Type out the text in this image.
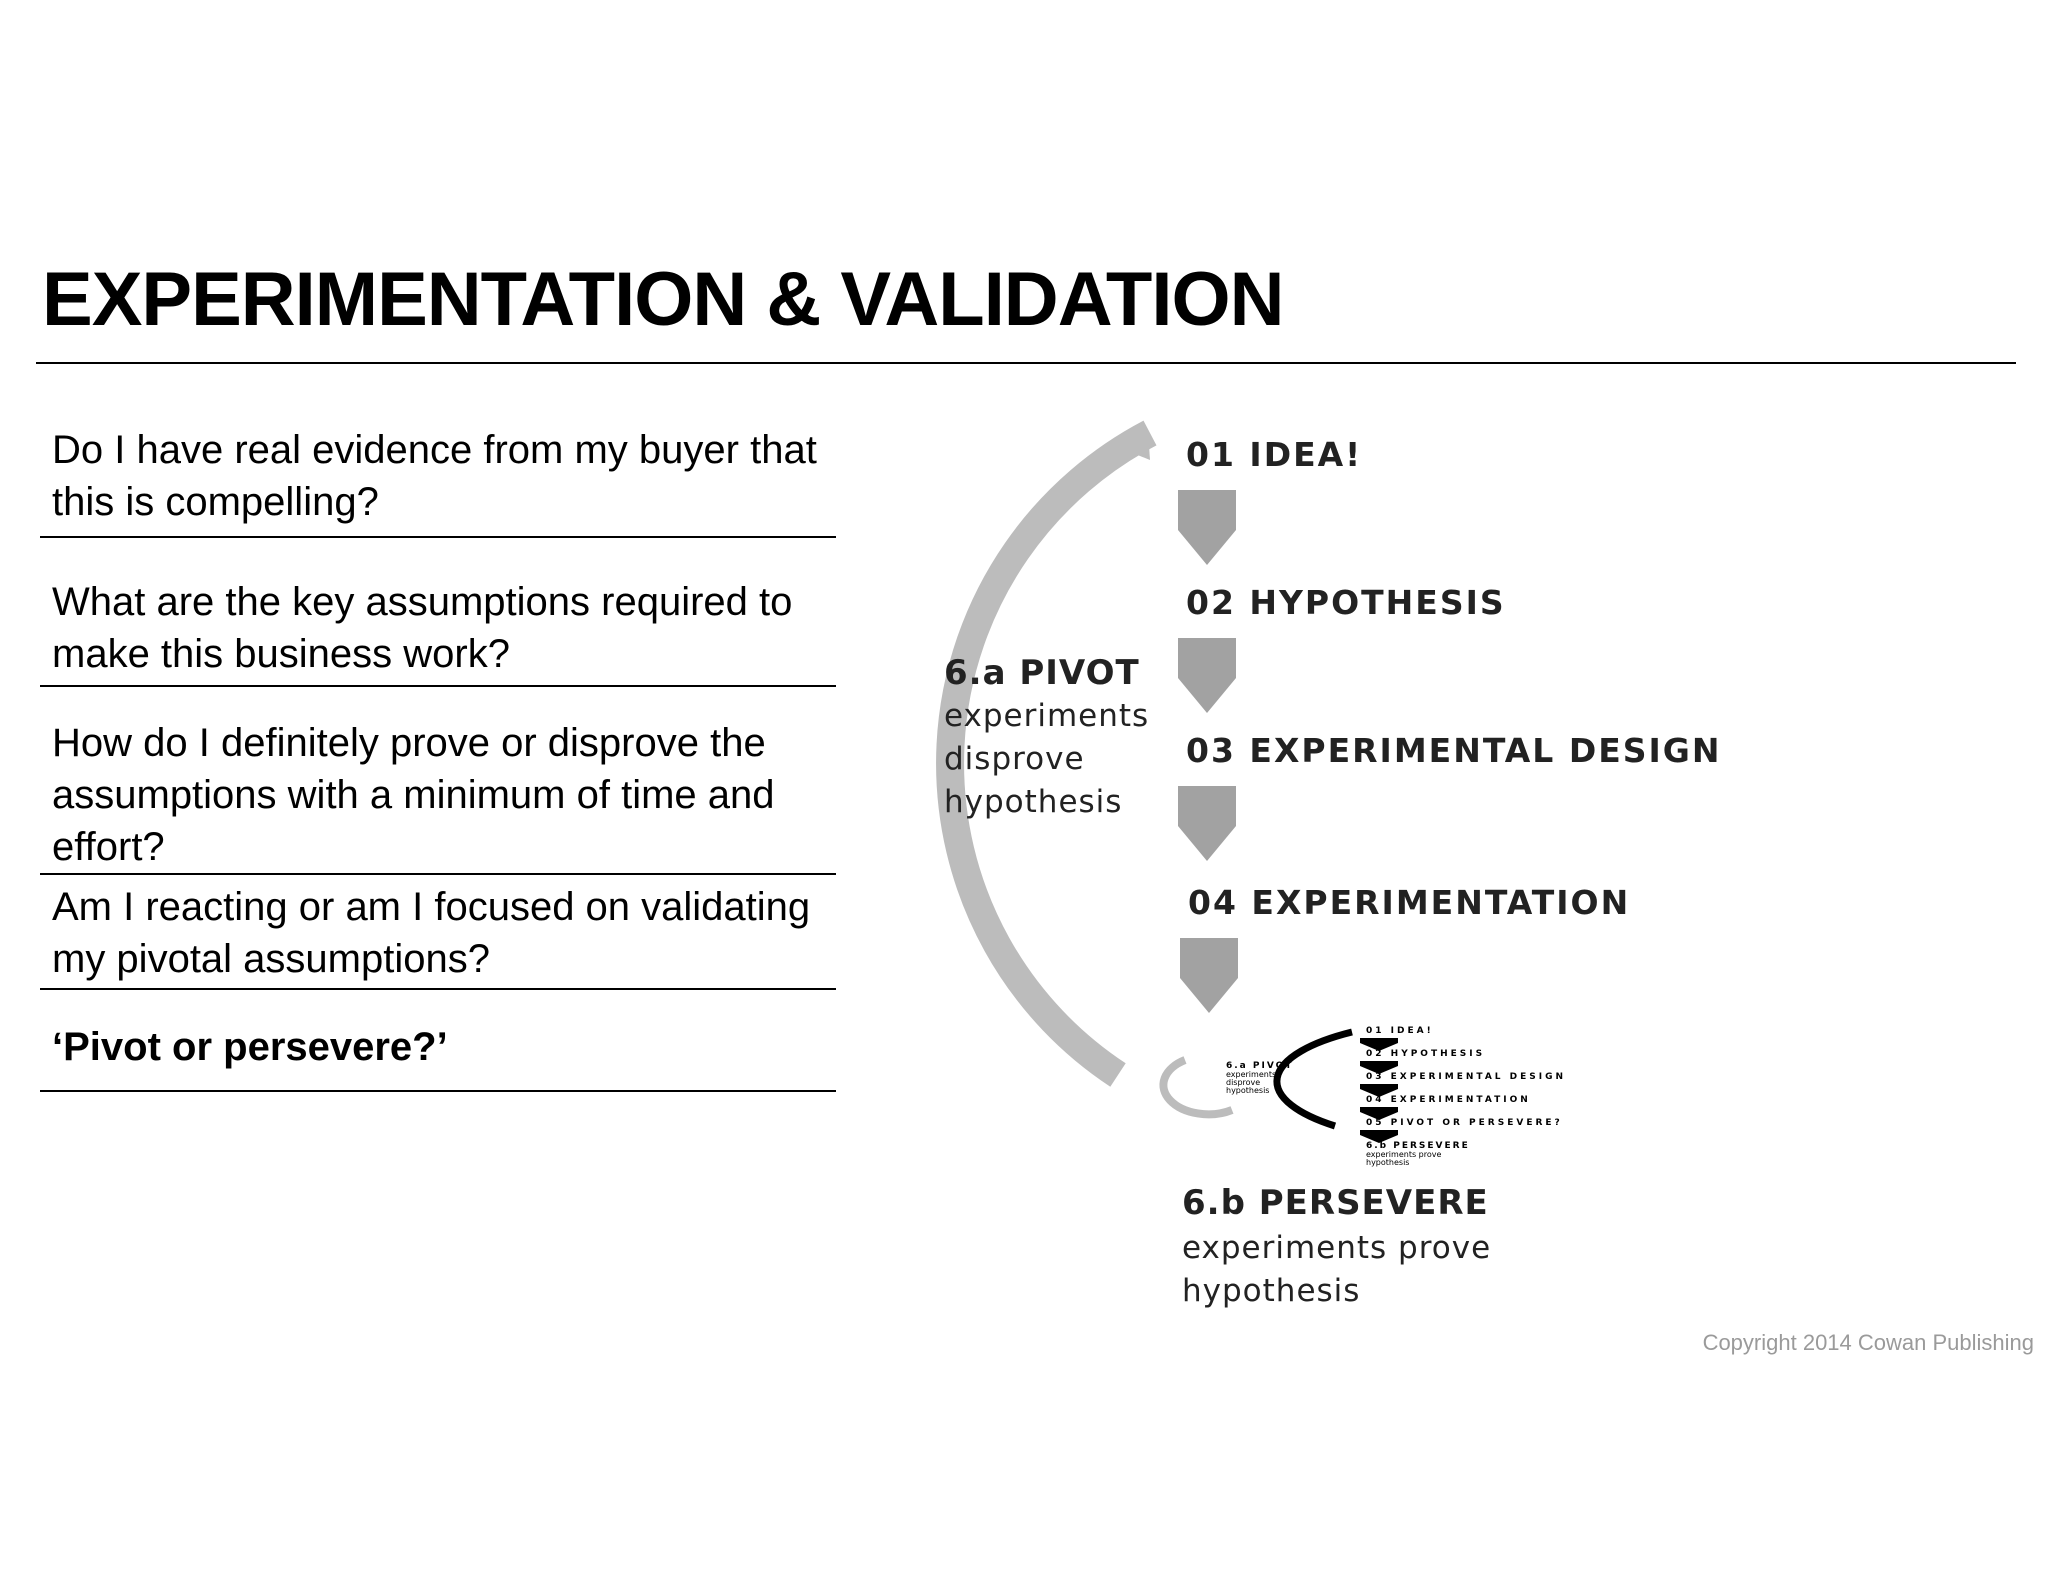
EXPERIMENTATION & VALIDATION

Do I have real evidence from my buyer that this is compelling?

What are the key assumptions required to make this business work?

How do I definitely prove or disprove the assumptions with a minimum of time and effort?

Am I reacting or am I focused on validating my pivotal assumptions?

‘Pivot or persevere?’

01 IDEA!
02 HYPOTHESIS
03 EXPERIMENTAL DESIGN
04 EXPERIMENTATION
6.a PIVOT
experiments
disprove
hypothesis
01 IDEA!
02 HYPOTHESIS
03 EXPERIMENTAL DESIGN
04 EXPERIMENTATION
05 PIVOT OR PERSEVERE?
6.a PIVOT
experiments
disprove
hypothesis
6.b PERSEVERE
experiments prove
hypothesis
6.b PERSEVERE
experiments prove
hypothesis
Copyright 2014 Cowan Publishing
